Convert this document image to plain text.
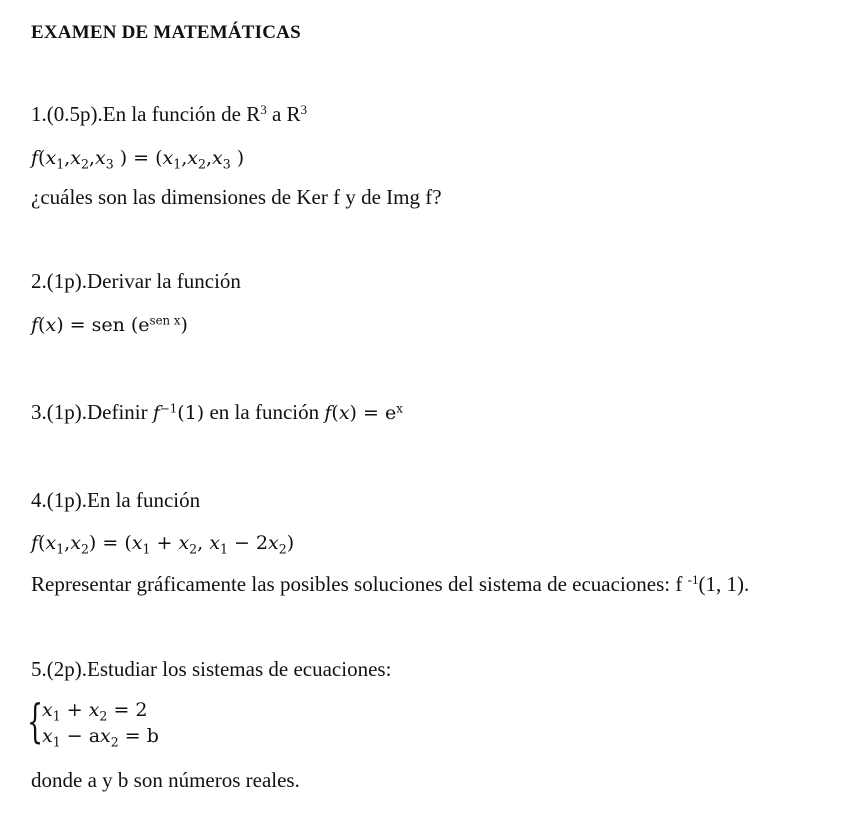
EXAMEN DE MATEMÁTICAS
1.(0.5p).En la función de $R^3$ a $R^3$
$f(x_1,x_2,x_3$ ) = ($x_1,x_2,x_3$ )
¿cuáles son las dimensiones de Ker f y de Img f?
2.(1p).Derivar la función
f(x) = sen $(e^{sen x})$
3.(1p).Definir $f^{-1}(1)$ en la función $f(x) = e^x$
4.(1p).En la función
$f(x_1,x_2) = (x_1 + x_2$, $x_1 - 2x_2$)
Representar gráficamente las posibles soluciones del sistema de ecuaciones: f $^{-1}$(1, 1).
5.(2p).Estudiar los sistemas de ecuaciones:
{
$x_1 + x_2 = 2$
$x_1 - ax_2 = b$
donde a y b son números reales.
